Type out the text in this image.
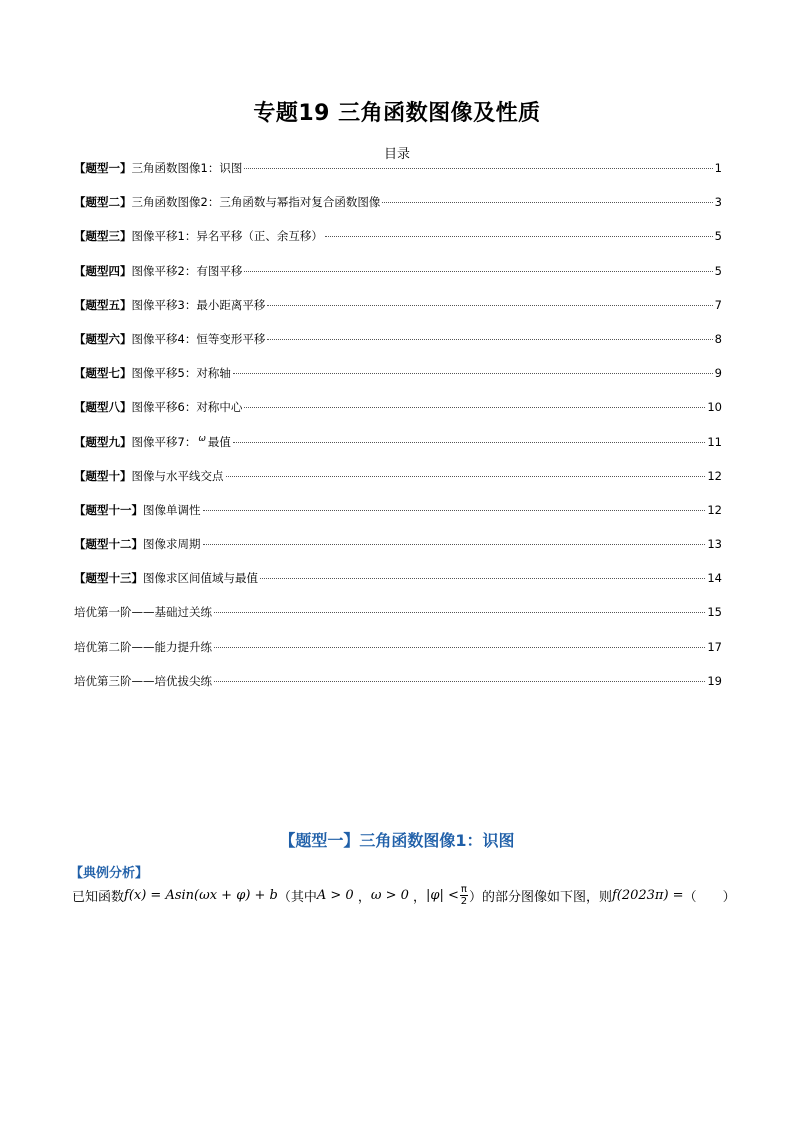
专题19 三角函数图像及性质
目录
【题型一】三角函数图像1：识图	1
【题型二】三角函数图像2：三角函数与幂指对复合函数图像	3
【题型三】图像平移1：异名平移（正、余互移）	5
【题型四】图像平移2：有图平移	5
【题型五】图像平移3：最小距离平移	7
【题型六】图像平移4：恒等变形平移	8
【题型七】图像平移5：对称轴	9
【题型八】图像平移6：对称中心	10
【题型九】图像平移7： $^\omega$ 最值	11
【题型十】图像与水平线交点	12
【题型十一】图像单调性	12
【题型十二】图像求周期	13
【题型十三】图像求区间值域与最值	14
培优第一阶——基础过关练	15
培优第二阶——能力提升练	17
培优第三阶——培优拔尖练	19
【题型一】三角函数图像1：识图
【典例分析】
已知函数 f(x) = Asin(ωx + φ) + b （其中 A > 0 ， ω > 0 ， $|\varphi| < \frac{\pi}{2}$ ）的部分图像如下图，则 f(2023π) = （　　）
